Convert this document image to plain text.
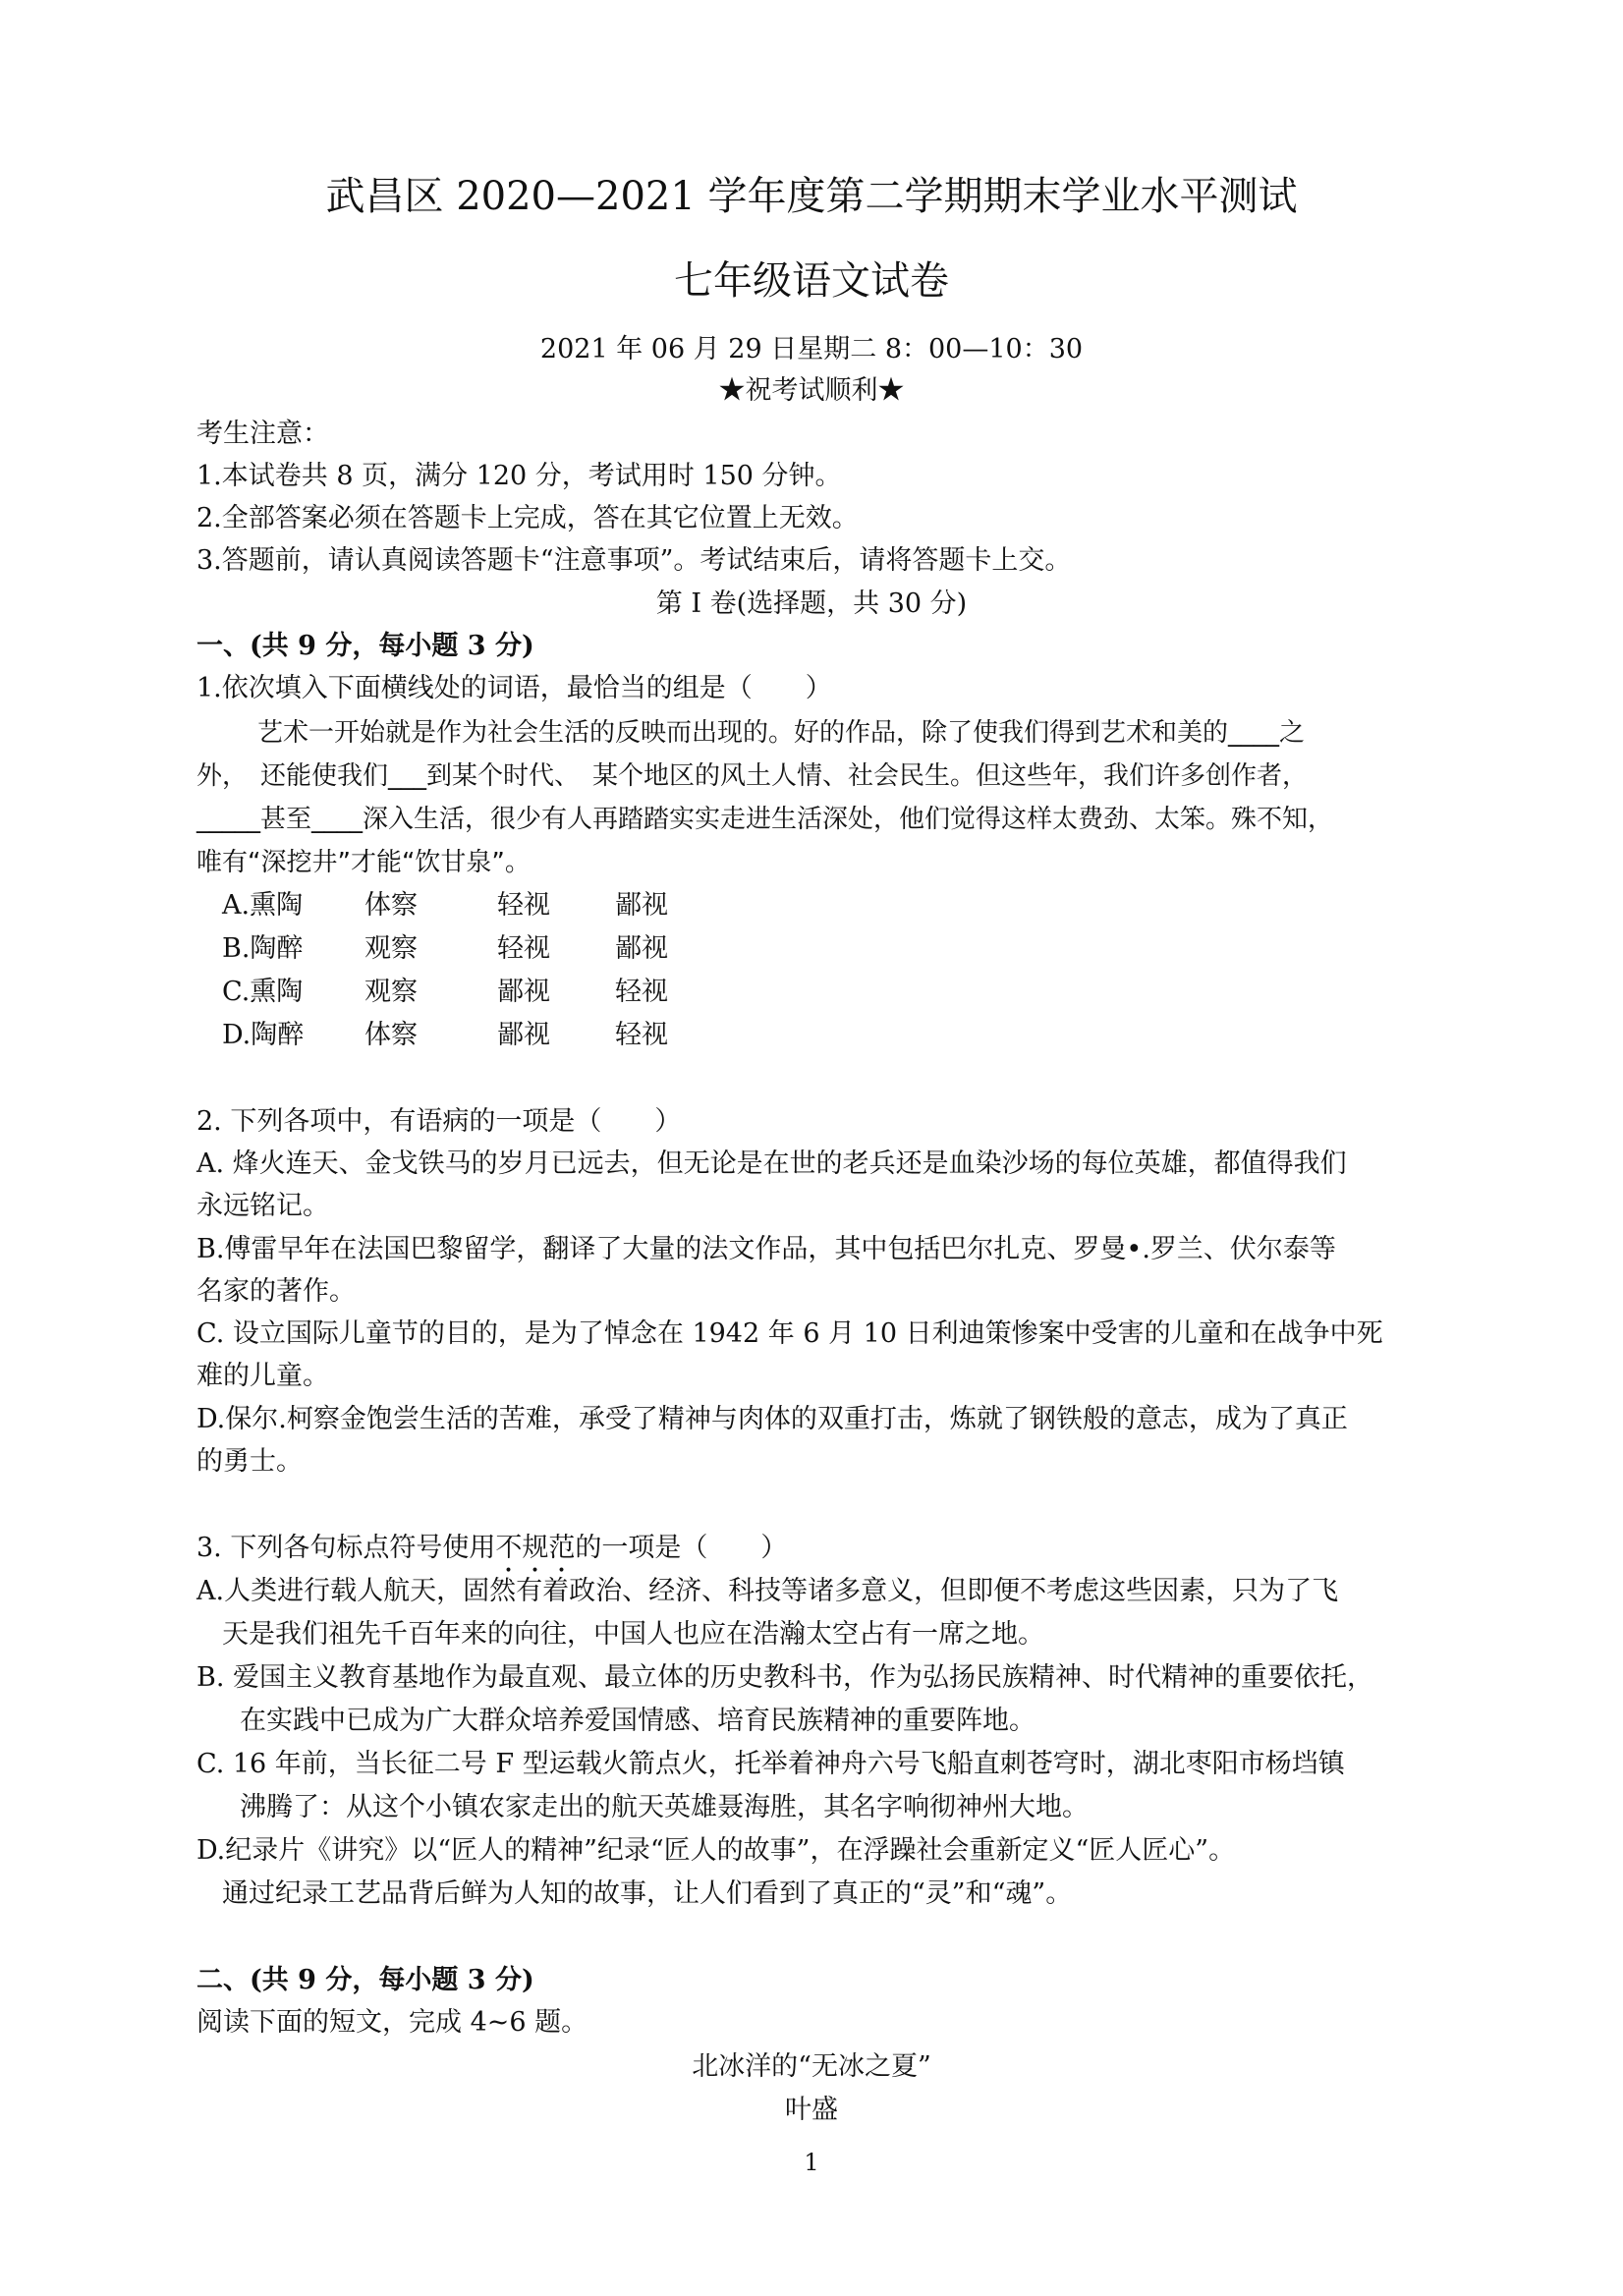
武昌区 2020—2021 学年度第二学期期末学业水平测试
七年级语文试卷
2021 年 06 月 29 日星期二 8：00—10：30
★祝考试顺利★
考生注意：
1.本试卷共 8 页，满分 120 分，考试用时 150 分钟。
2.全部答案必须在答题卡上完成，答在其它位置上无效。
3.答题前，请认真阅读答题卡“注意事项”。考试结束后，请将答题卡上交。
第 I 卷(选择题，共 30 分)
一、(共 9 分，每小题 3 分)
1.依次填入下面横线处的词语，最恰当的组是（　　）
艺术一开始就是作为社会生活的反映而出现的。好的作品，除了使我们得到艺术和美的____之
外，　还能使我们___到某个时代、　某个地区的风土人情、社会民生。但这些年，我们许多创作者，
_____甚至____深入生活，很少有人再踏踏实实走进生活深处，他们觉得这样太费劲、太笨。殊不知，
唯有“深挖井”才能“饮甘泉”。
A.熏陶 体察	轻视 鄙视
B.陶醉 观察	轻视 鄙视
C.熏陶 观察	鄙视 轻视
D.陶醉 体察	鄙视 轻视
2. 下列各项中，有语病的一项是（　　）
A. 烽火连天、金戈铁马的岁月已远去，但无论是在世的老兵还是血染沙场的每位英雄，都值得我们
永远铭记。
B.傅雷早年在法国巴黎留学，翻译了大量的法文作品，其中包括巴尔扎克、罗曼•.罗兰、伏尔泰等
名家的著作。
C. 设立国际儿童节的目的，是为了悼念在 1942 年 6 月 10 日利迪策惨案中受害的儿童和在战争中死
难的儿童。
D.保尔.柯察金饱尝生活的苦难，承受了精神与肉体的双重打击，炼就了钢铁般的意志，成为了真正
的勇士。
3. 下列各句标点符号使用不规范的一项是（　　）
A.人类进行载人航天，固然有着政治、经济、科技等诸多意义，但即便不考虑这些因素，只为了飞
天是我们祖先千百年来的向往，中国人也应在浩瀚太空占有一席之地。
B. 爱国主义教育基地作为最直观、最立体的历史教科书，作为弘扬民族精神、时代精神的重要依托，
在实践中已成为广大群众培养爱国情感、培育民族精神的重要阵地。
C. 16 年前，当长征二号 F 型运载火箭点火，托举着神舟六号飞船直刺苍穹时，湖北枣阳市杨垱镇
沸腾了：从这个小镇农家走出的航天英雄聂海胜，其名字响彻神州大地。
D.纪录片《讲究》以“匠人的精神”纪录“匠人的故事”，在浮躁社会重新定义“匠人匠心”。
通过纪录工艺品背后鲜为人知的故事，让人们看到了真正的“灵”和“魂”。
二、(共 9 分，每小题 3 分)
阅读下面的短文，完成 4~6 题。
北冰洋的“无冰之夏”
叶盛
1
